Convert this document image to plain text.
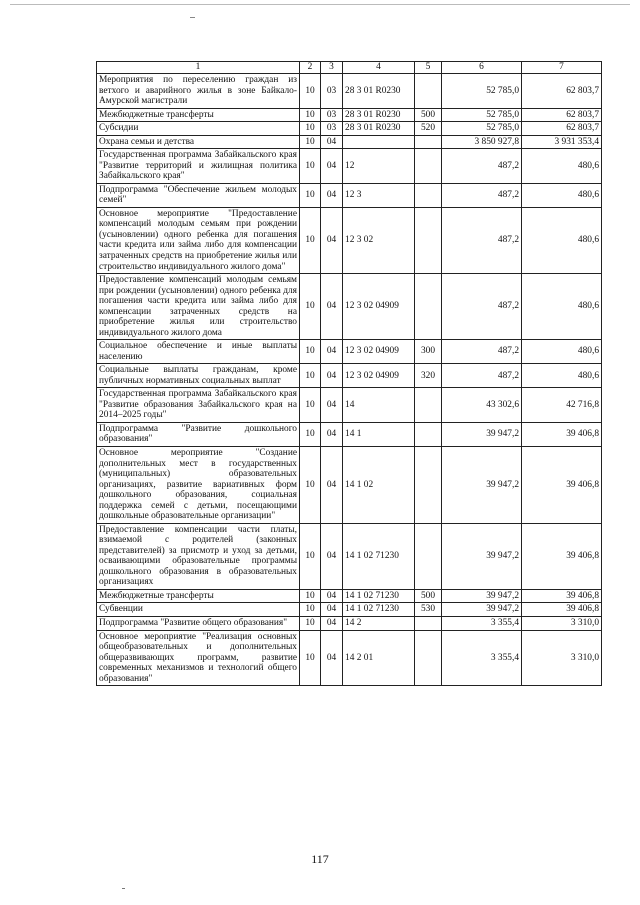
1	2	3	4	5	6	7
Мероприятия по переселению граждан из ветхого и аварийного жилья в зоне Байкало-Амурской магистрали	10	03	28 3 01 R0230		52 785,0	62 803,7
Межбюджетные трансферты	10	03	28 3 01 R0230	500	52 785,0	62 803,7
Субсидии	10	03	28 3 01 R0230	520	52 785,0	62 803,7
Охрана семьи и детства	10	04			3 850 927,8	3 931 353,4
Государственная программа Забайкальского края "Развитие территорий и жилищная политика Забайкальского края"	10	04	12		487,2	480,6
Подпрограмма "Обеспечение жильем молодых семей"	10	04	12 3		487,2	480,6
Основное мероприятие "Предоставление компенсаций молодым семьям при рождении (усыновлении) одного ребенка для погашения части кредита или займа либо для компенсации затраченных средств на приобретение жилья или строительство индивидуального жилого дома"	10	04	12 3 02		487,2	480,6
Предоставление компенсаций молодым семьям при рождении (усыновлении) одного ребенка для погашения части кредита или займа либо для компенсации затраченных средств на приобретение жилья или строительство индивидуального жилого дома	10	04	12 3 02 04909		487,2	480,6
Социальное обеспечение и иные выплаты населению	10	04	12 3 02 04909	300	487,2	480,6
Социальные выплаты гражданам, кроме публичных нормативных социальных выплат	10	04	12 3 02 04909	320	487,2	480,6
Государственная программа Забайкальского края "Развитие образования Забайкальского края на 2014–2025 годы"	10	04	14		43 302,6	42 716,8
Подпрограмма "Развитие дошкольного образования"	10	04	14 1		39 947,2	39 406,8
Основное мероприятие "Создание дополнительных мест в государственных (муниципальных) образовательных организациях, развитие вариативных форм дошкольного образования, социальная поддержка семей с детьми, посещающими дошкольные образовательные организации"	10	04	14 1 02		39 947,2	39 406,8
Предоставление компенсации части платы, взимаемой с родителей (законных представителей) за присмотр и уход за детьми, осваивающими образовательные программы дошкольного образования в образовательных организациях	10	04	14 1 02 71230		39 947,2	39 406,8
Межбюджетные трансферты	10	04	14 1 02 71230	500	39 947,2	39 406,8
Субвенции	10	04	14 1 02 71230	530	39 947,2	39 406,8
Подпрограмма "Развитие общего образования"	10	04	14 2		3 355,4	3 310,0
Основное мероприятие "Реализация основных общеобразовательных и дополнительных общеразвивающих программ, развитие современных механизмов и технологий общего образования"	10	04	14 2 01		3 355,4	3 310,0
117
